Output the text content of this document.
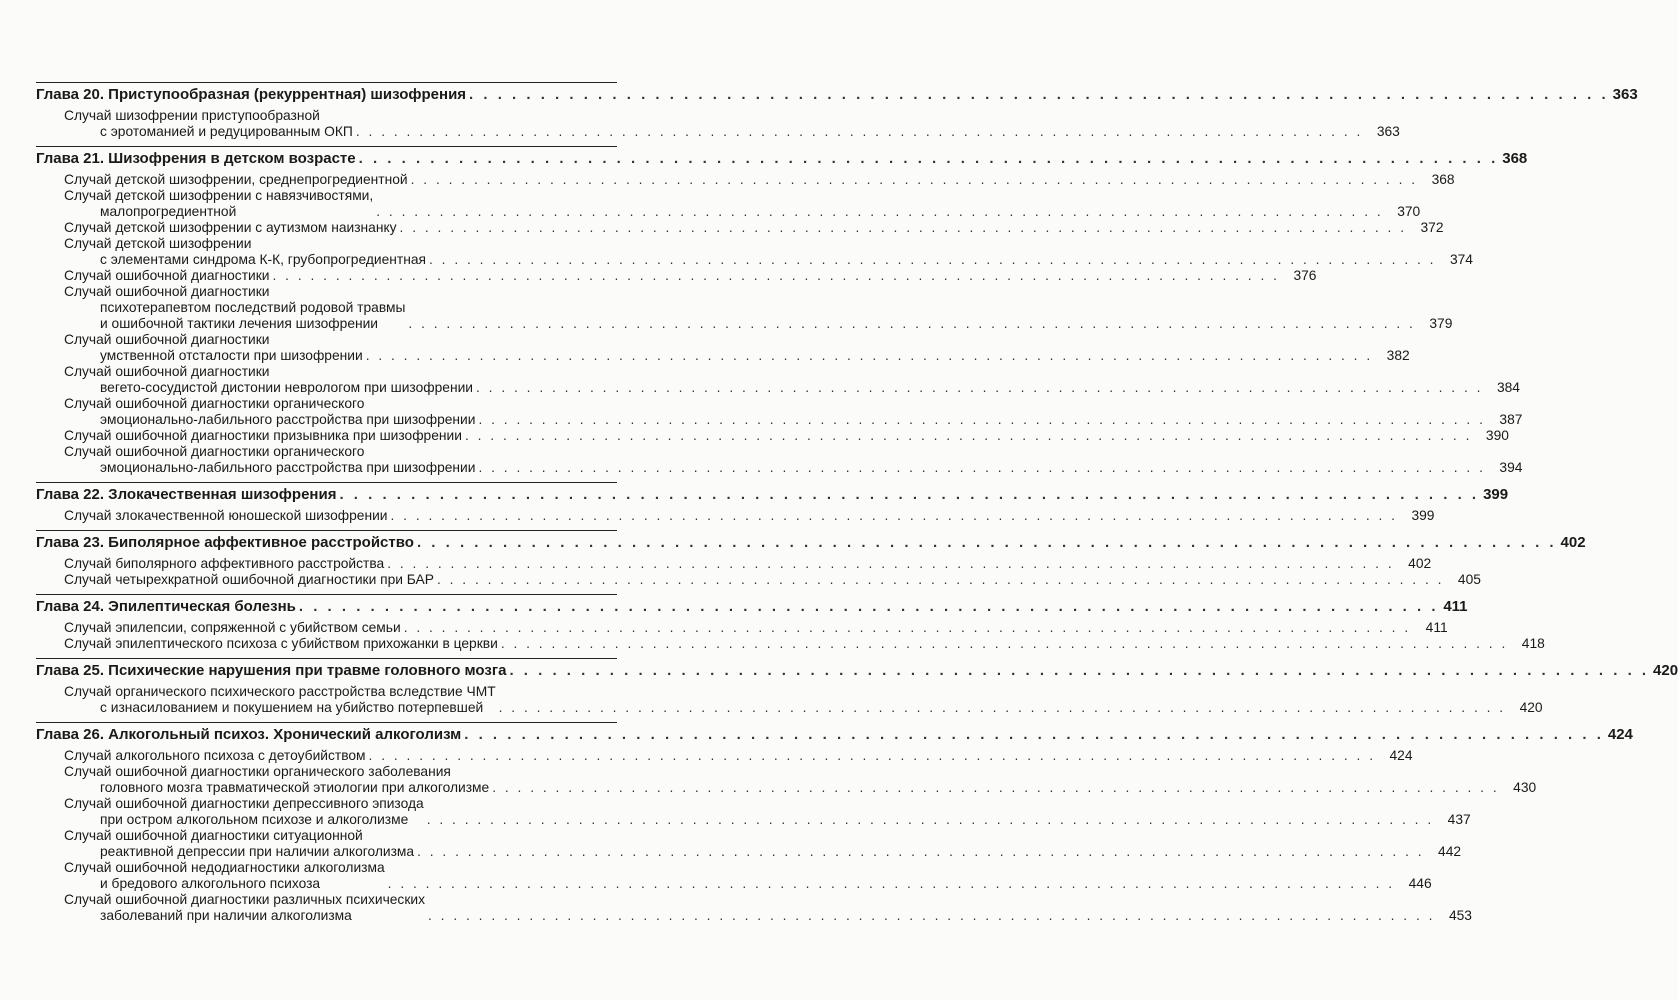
Глава 20. Приступообразная (рекуррентная) шизофрения . . . . . . . . . . . . . . . . . . . . . . . . . . . . . . . . . . . . . . . . . . . . . . . . . . . . . . . . . . . . . . . . . . . . . . . . . . . . . . . . 363
Случай шизофрении приступообразной
с эротоманией и редуцированным ОКП . . . . . . . . . . . . . . . . . . . . . . . . . . . . . . . . . . . . . . . . . . . . . . . . . . . . . . . . . . . . . . . . . . . . . . . . . . . . . . . .	363
Глава 21. Шизофрения в детском возрасте . . . . . . . . . . . . . . . . . . . . . . . . . . . . . . . . . . . . . . . . . . . . . . . . . . . . . . . . . . . . . . . . . . . . . . . . . . . . . . . . 368
Случай детской шизофрении, среднепрогредиентной . . . . . . . . . . . . . . . . . . . . . . . . . . . . . . . . . . . . . . . . . . . . . . . . . . . . . . . . . . . . . . . . . . . . . . . . . . . . . . . .	368
Случай детской шизофрении с навязчивостями,
малопрогредиентной	. . . . . . . . . . . . . . . . . . . . . . . . . . . . . . . . . . . . . . . . . . . . . . . . . . . . . . . . . . . . . . . . . . . . . . . . . . . . . . . .	370
Случай детской шизофрении с аутизмом наизнанку . . . . . . . . . . . . . . . . . . . . . . . . . . . . . . . . . . . . . . . . . . . . . . . . . . . . . . . . . . . . . . . . . . . . . . . . . . . . . . . .	372
Случай детской шизофрении
с элементами синдрома К-К, грубопрогредиентная . . . . . . . . . . . . . . . . . . . . . . . . . . . . . . . . . . . . . . . . . . . . . . . . . . . . . . . . . . . . . . . . . . . . . . . . . . . . . . . .	374
Случай ошибочной диагностики . . . . . . . . . . . . . . . . . . . . . . . . . . . . . . . . . . . . . . . . . . . . . . . . . . . . . . . . . . . . . . . . . . . . . . . . . . . . . . . .	376
Случай ошибочной диагностики
психотерапевтом последствий родовой травмы
и ошибочной тактики лечения шизофрении	. . . . . . . . . . . . . . . . . . . . . . . . . . . . . . . . . . . . . . . . . . . . . . . . . . . . . . . . . . . . . . . . . . . . . . . . . . . . . . . .	379
Случай ошибочной диагностики
умственной отсталости при шизофрении . . . . . . . . . . . . . . . . . . . . . . . . . . . . . . . . . . . . . . . . . . . . . . . . . . . . . . . . . . . . . . . . . . . . . . . . . . . . . . . .	382
Случай ошибочной диагностики
вегето-сосудистой дистонии неврологом при шизофрении . . . . . . . . . . . . . . . . . . . . . . . . . . . . . . . . . . . . . . . . . . . . . . . . . . . . . . . . . . . . . . . . . . . . . . . . . . . . . . . .	384
Случай ошибочной диагностики органического
эмоционально-лабильного расстройства при шизофрении . . . . . . . . . . . . . . . . . . . . . . . . . . . . . . . . . . . . . . . . . . . . . . . . . . . . . . . . . . . . . . . . . . . . . . . . . . . . . . . .	387
Случай ошибочной диагностики призывника при шизофрении . . . . . . . . . . . . . . . . . . . . . . . . . . . . . . . . . . . . . . . . . . . . . . . . . . . . . . . . . . . . . . . . . . . . . . . . . . . . . . . .	390
Случай ошибочной диагностики органического
эмоционально-лабильного расстройства при шизофрении . . . . . . . . . . . . . . . . . . . . . . . . . . . . . . . . . . . . . . . . . . . . . . . . . . . . . . . . . . . . . . . . . . . . . . . . . . . . . . . .	394
Глава 22. Злокачественная шизофрения . . . . . . . . . . . . . . . . . . . . . . . . . . . . . . . . . . . . . . . . . . . . . . . . . . . . . . . . . . . . . . . . . . . . . . . . . . . . . . . . 399
Случай злокачественной юношеской шизофрении . . . . . . . . . . . . . . . . . . . . . . . . . . . . . . . . . . . . . . . . . . . . . . . . . . . . . . . . . . . . . . . . . . . . . . . . . . . . . . . .	399
Глава 23. Биполярное аффективное расстройство . . . . . . . . . . . . . . . . . . . . . . . . . . . . . . . . . . . . . . . . . . . . . . . . . . . . . . . . . . . . . . . . . . . . . . . . . . . . . . . . 402
Случай биполярного аффективного расстройства . . . . . . . . . . . . . . . . . . . . . . . . . . . . . . . . . . . . . . . . . . . . . . . . . . . . . . . . . . . . . . . . . . . . . . . . . . . . . . . .	402
Случай четырехкратной ошибочной диагностики при БАР . . . . . . . . . . . . . . . . . . . . . . . . . . . . . . . . . . . . . . . . . . . . . . . . . . . . . . . . . . . . . . . . . . . . . . . . . . . . . . . .	405
Глава 24. Эпилептическая болезнь . . . . . . . . . . . . . . . . . . . . . . . . . . . . . . . . . . . . . . . . . . . . . . . . . . . . . . . . . . . . . . . . . . . . . . . . . . . . . . . . 411
Случай эпилепсии, сопряженной с убийством семьи . . . . . . . . . . . . . . . . . . . . . . . . . . . . . . . . . . . . . . . . . . . . . . . . . . . . . . . . . . . . . . . . . . . . . . . . . . . . . . . .	411
Случай эпилептического психоза с убийством прихожанки в церкви . . . . . . . . . . . . . . . . . . . . . . . . . . . . . . . . . . . . . . . . . . . . . . . . . . . . . . . . . . . . . . . . . . . . . . . . . . . . . . . .	418
Глава 25. Психические нарушения при травме головного мозга . . . . . . . . . . . . . . . . . . . . . . . . . . . . . . . . . . . . . . . . . . . . . . . . . . . . . . . . . . . . . . . . . . . . . . . . . . . . . . . . 420
Случай органического психического расстройства вследствие ЧМТ
с изнасилованием и покушением на убийство потерпевшей	. . . . . . . . . . . . . . . . . . . . . . . . . . . . . . . . . . . . . . . . . . . . . . . . . . . . . . . . . . . . . . . . . . . . . . . . . . . . . . . .	420
Глава 26. Алкогольный психоз. Хронический алкоголизм . . . . . . . . . . . . . . . . . . . . . . . . . . . . . . . . . . . . . . . . . . . . . . . . . . . . . . . . . . . . . . . . . . . . . . . . . . . . . . . . 424
Случай алкогольного психоза с детоубийством . . . . . . . . . . . . . . . . . . . . . . . . . . . . . . . . . . . . . . . . . . . . . . . . . . . . . . . . . . . . . . . . . . . . . . . . . . . . . . . .	424
Случай ошибочной диагностики органического заболевания
головного мозга травматической этиологии при алкоголизме . . . . . . . . . . . . . . . . . . . . . . . . . . . . . . . . . . . . . . . . . . . . . . . . . . . . . . . . . . . . . . . . . . . . . . . . . . . . . . . .	430
Случай ошибочной диагностики депрессивного эпизода
при остром алкогольном психозе и алкоголизме	. . . . . . . . . . . . . . . . . . . . . . . . . . . . . . . . . . . . . . . . . . . . . . . . . . . . . . . . . . . . . . . . . . . . . . . . . . . . . . . .	437
Случай ошибочной диагностики ситуационной
реактивной депрессии при наличии алкоголизма . . . . . . . . . . . . . . . . . . . . . . . . . . . . . . . . . . . . . . . . . . . . . . . . . . . . . . . . . . . . . . . . . . . . . . . . . . . . . . . .	442
Случай ошибочной недодиагностики алкоголизма
и бредового алкогольного психоза	. . . . . . . . . . . . . . . . . . . . . . . . . . . . . . . . . . . . . . . . . . . . . . . . . . . . . . . . . . . . . . . . . . . . . . . . . . . . . . . .	446
Случай ошибочной диагностики различных психических
заболеваний при наличии алкоголизма	. . . . . . . . . . . . . . . . . . . . . . . . . . . . . . . . . . . . . . . . . . . . . . . . . . . . . . . . . . . . . . . . . . . . . . . . . . . . . . . .	453
